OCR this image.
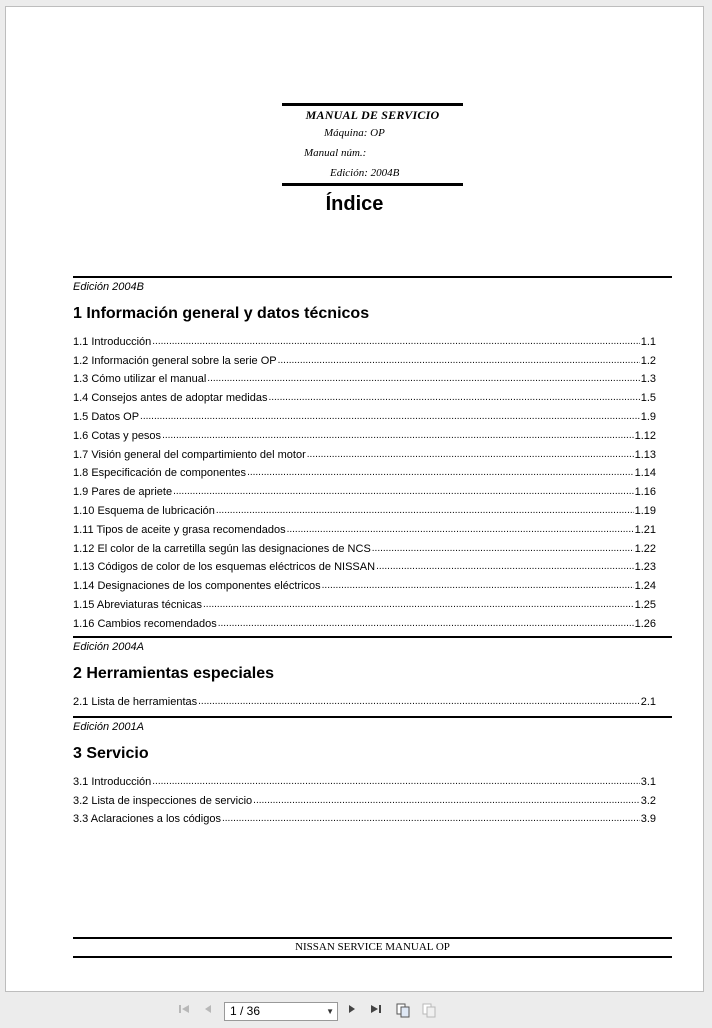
MANUAL DE SERVICIO
Máquina: OP
Manual núm.:
Edición: 2004B
Índice
Edición 2004B
1 Información general y datos técnicos
1.1 Introducción .....	1.1
1.2 Información general sobre la serie OP .....	1.2
1.3 Cómo utilizar el manual .....	1.3
1.4 Consejos antes de adoptar medidas .....	1.5
1.5 Datos OP .....	1.9
1.6 Cotas y pesos .....	1.12
1.7 Visión general del compartimiento del motor .....	1.13
1.8 Especificación de componentes .....	1.14
1.9 Pares de apriete .....	1.16
1.10 Esquema de lubricación .....	1.19
1.11 Tipos de aceite y grasa recomendados .....	1.21
1.12 El color de la carretilla según las designaciones de NCS .....	1.22
1.13 Códigos de color de los esquemas eléctricos de NISSAN .....	1.23
1.14 Designaciones de los componentes eléctricos .....	1.24
1.15 Abreviaturas técnicas .....	1.25
1.16 Cambios recomendados .....	1.26
Edición 2004A
2 Herramientas especiales
2.1 Lista de herramientas .....	2.1
Edición 2001A
3 Servicio
3.1 Introducción .....	3.1
3.2 Lista de inspecciones de servicio .....	3.2
3.3 Aclaraciones a los códigos .....	3.9
NISSAN SERVICE MANUAL OP
1 / 36	▼
